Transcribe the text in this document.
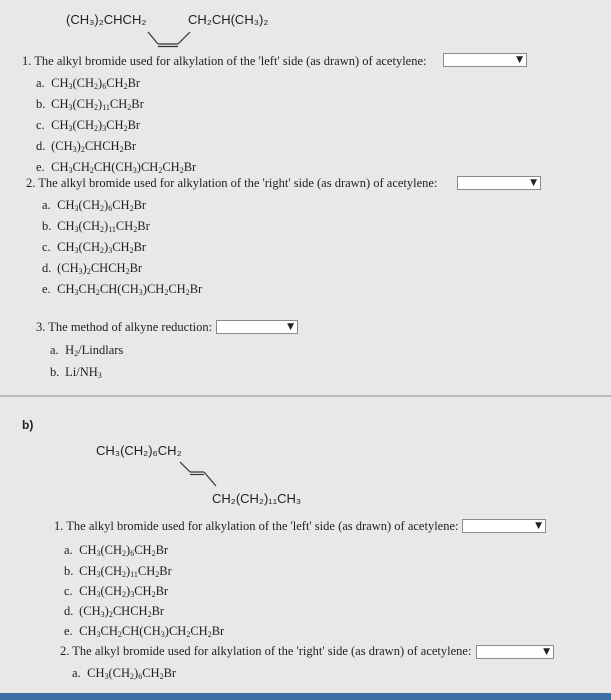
(CH₃)₂CHCH₂	CH₂CH(CH₃)₂
1. The alkyl bromide used for alkylation of the 'left' side (as drawn) of acetylene:	▼
a. $CH_3(CH_2)_6CH_2Br$
b. $CH_3(CH_2)_{11}CH_2Br$
c. $CH_3(CH_2)_3CH_2Br$
d. $(CH_3)_2CHCH_2Br$
e. $CH_3CH_2CH(CH_3)CH_2CH_2Br$
2. The alkyl bromide used for alkylation of the 'right' side (as drawn) of acetylene:	▼
a. $CH_3(CH_2)_6CH_2Br$
b. $CH_3(CH_2)_{11}CH_2Br$
c. $CH_3(CH_2)_3CH_2Br$
d. $(CH_3)_2CHCH_2Br$
e. $CH_3CH_2CH(CH_3)CH_2CH_2Br$
3. The method of alkyne reduction:	▼
a. $H_2$/Lindlars
b. $Li/NH_3$
b)
CH₃(CH₂)₆CH₂
CH₂(CH₂)₁₁CH₃
1. The alkyl bromide used for alkylation of the 'left' side (as drawn) of acetylene:	▼
a. $CH_3(CH_2)_6CH_2Br$
b. $CH_3(CH_2)_{11}CH_2Br$
c. $CH_3(CH_2)_3CH_2Br$
d. $(CH_3)_2CHCH_2Br$
e. $CH_3CH_2CH(CH_3)CH_2CH_2Br$
2. The alkyl bromide used for alkylation of the 'right' side (as drawn) of acetylene:	▼
a. $CH_3(CH_2)_6CH_2Br$
